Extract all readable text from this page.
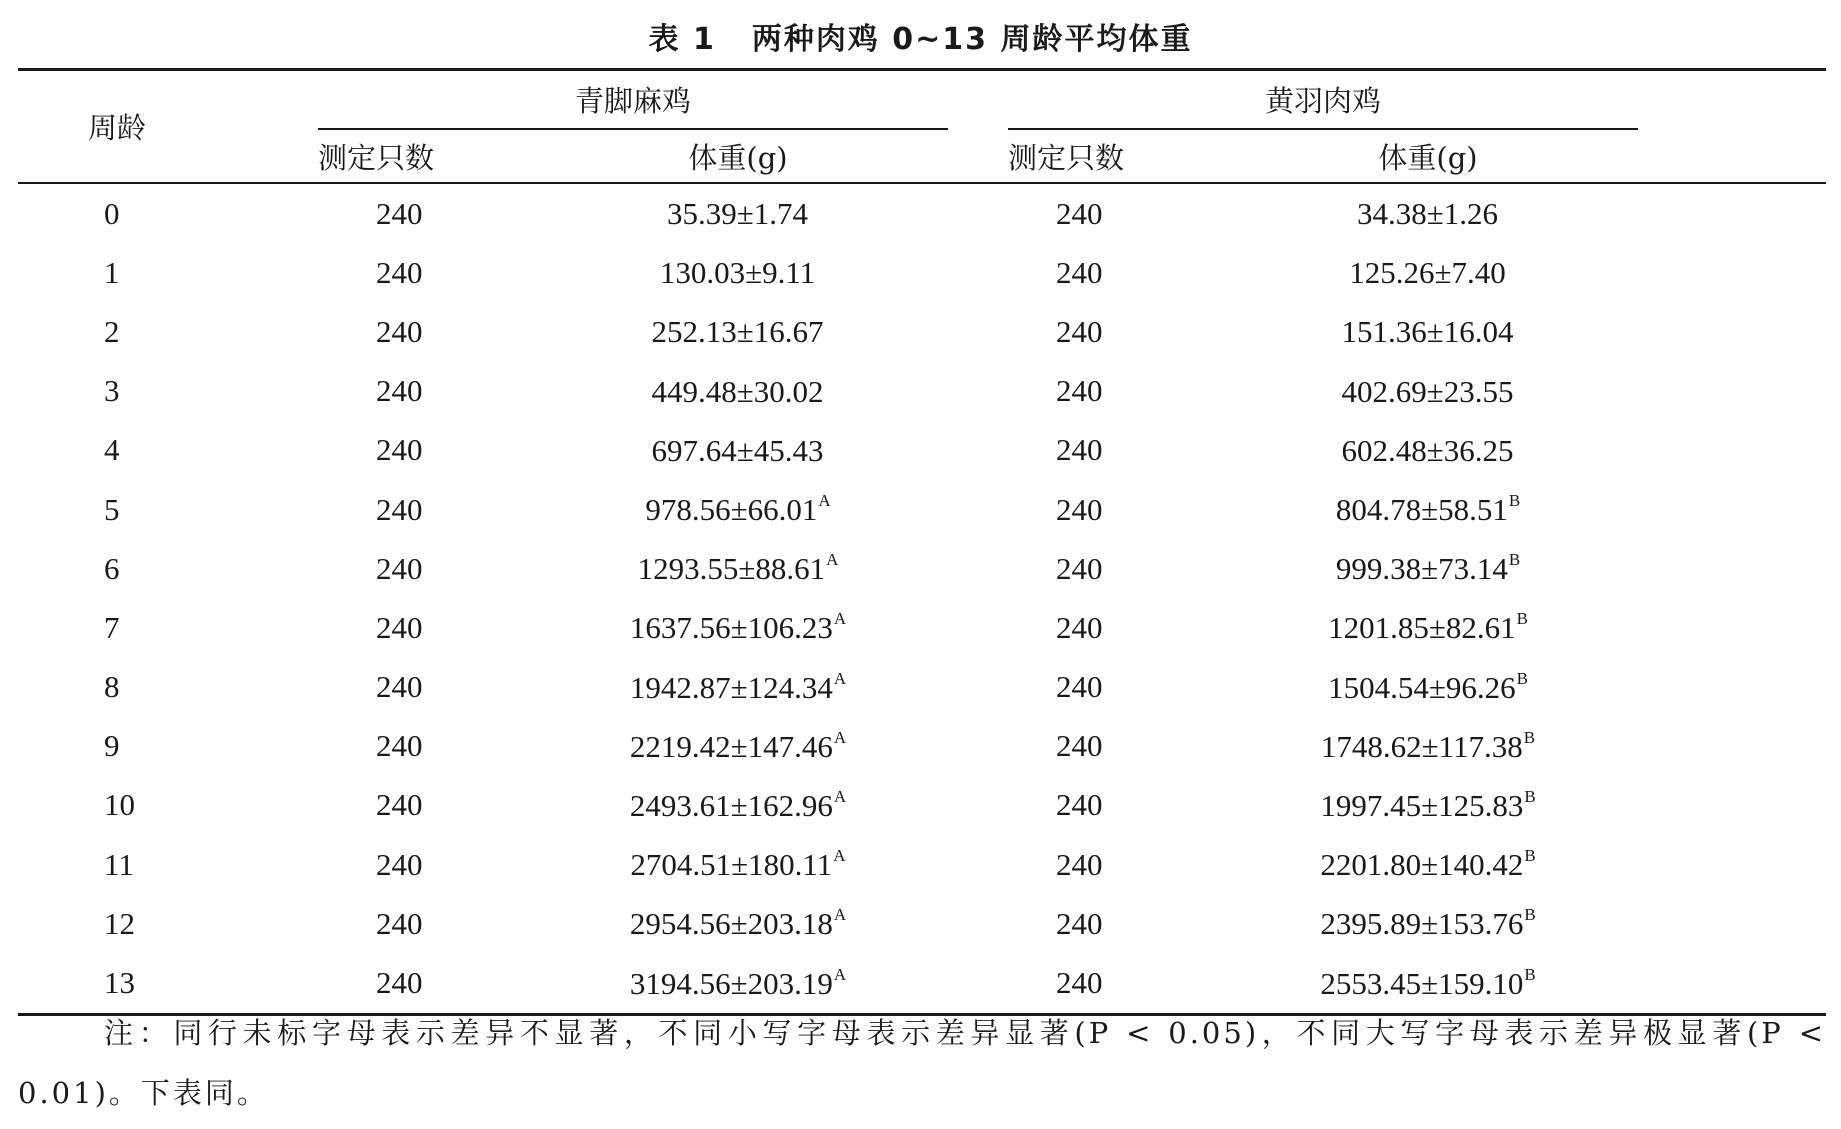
表 1 两种肉鸡 0~13 周龄平均体重
周龄	青脚麻鸡			黄羽肉鸡		
	测定只数	体重(g)		测定只数	体重(g)	
0	240	35.39±1.74		240	34.38±1.26	
1	240	130.03±9.11		240	125.26±7.40	
2	240	252.13±16.67		240	151.36±16.04	
3	240	449.48±30.02		240	402.69±23.55	
4	240	697.64±45.43		240	602.48±36.25	
5	240	$978.56\pm 66.01^A$		240	$804.78\pm 58.51^B$	
6	240	$1293.55\pm 88.61^A$		240	$999.38\pm 73.14^B$	
7	240	$1637.56\pm 106.23^A$		240	$1201.85\pm 82.61^B$	
8	240	$1942.87\pm 124.34^A$		240	$1504.54\pm 96.26^B$	
9	240	$2219.42\pm 147.46^A$		240	$1748.62\pm 117.38^B$	
10	240	$2493.61\pm 162.96^A$		240	$1997.45\pm 125.83^B$	
11	240	$2704.51\pm 180.11^A$		240	$2201.80\pm 140.42^B$	
12	240	$2954.56\pm 203.18^A$		240	$2395.89\pm 153.76^B$	
13	240	$3194.56\pm 203.19^A$		240	$2553.45\pm 159.10^B$	
注：同行未标字母表示差异不显著，不同小写字母表示差异显著(P < 0.05)，不同大写字母表示差异极显著(P < 0.01)。下表同。
